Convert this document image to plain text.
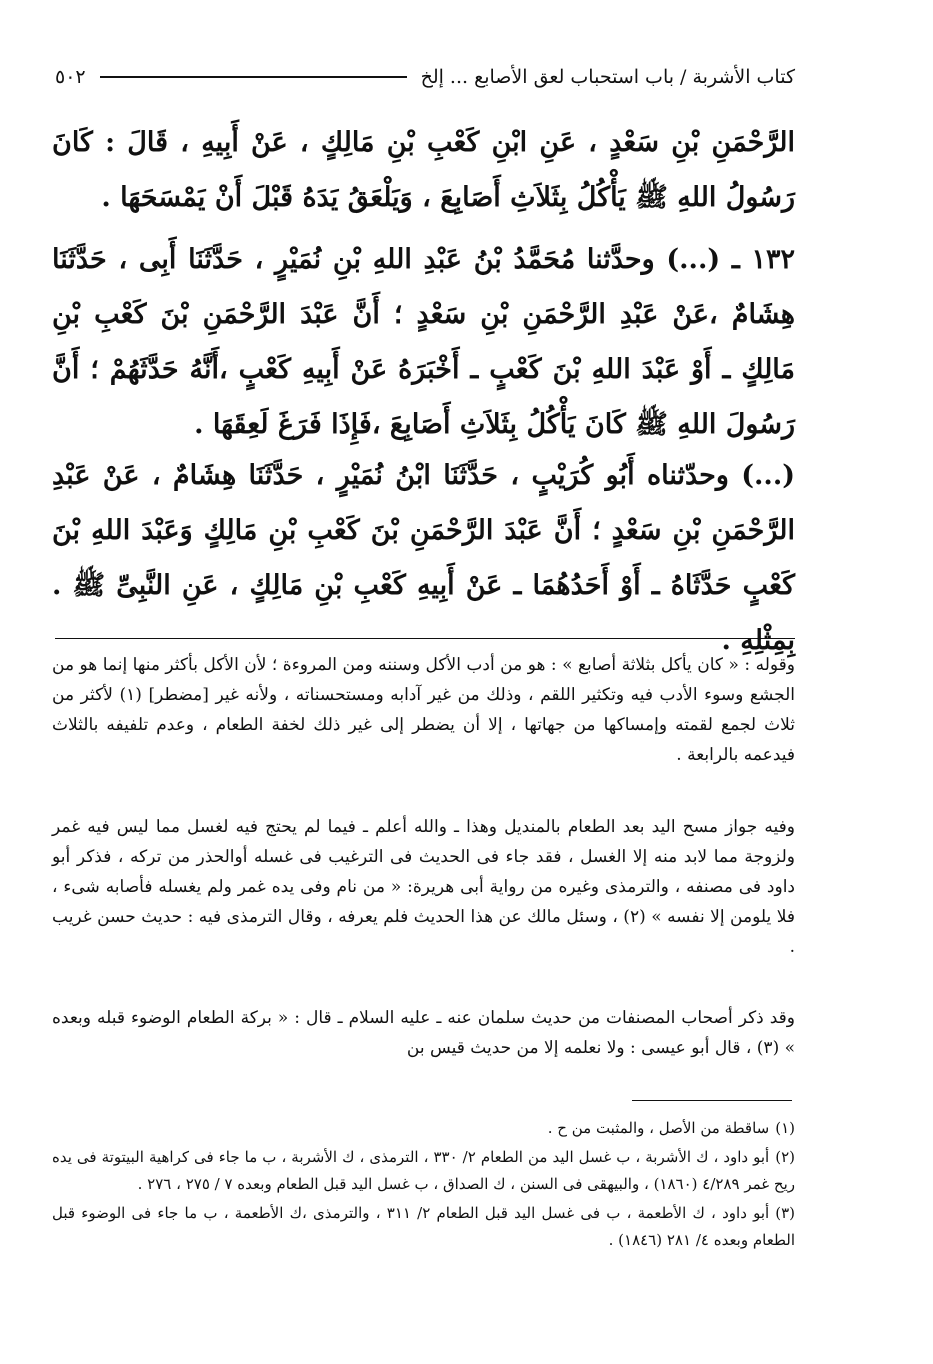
كتاب الأشربة / باب استحباب لعق الأصابع ... إلخ
٥٠٢
الرَّحْمَنِ بْنِ سَعْدٍ ، عَنِ ابْنِ كَعْبِ بْنِ مَالِكٍ ، عَنْ أَبِيهِ ، قَالَ : كَانَ رَسُولُ اللهِ ﷺ يَأْكُلُ بِثَلاَثِ أَصَابِعَ ، وَيَلْعَقُ يَدَهُ قَبْلَ أَنْ يَمْسَحَهَا .
١٣٢ ـ (...) وحدَّثنا مُحَمَّدُ بْنُ عَبْدِ اللهِ بْنِ نُمَيْرٍ ، حَدَّثَنَا أَبِى ، حَدَّثَنَا هِشَامٌ ،عَنْ عَبْدِ الرَّحْمَنِ بْنِ سَعْدٍ ؛ أَنَّ عَبْدَ الرَّحْمَنِ بْنَ كَعْبِ بْنِ مَالِكٍ ـ أَوْ عَبْدَ اللهِ بْنَ كَعْبٍ ـ أَخْبَرَهُ عَنْ أَبِيهِ كَعْبٍ ،أَنَّهُ حَدَّثَهُمْ ؛ أَنَّ رَسُولَ اللهِ ﷺ كَانَ يَأْكُلُ بِثَلاَثِ أَصَابِعَ ،فَإِذَا فَرَغَ لَعِقَهَا .
(...) وحدّثناه أَبُو كُرَيْبٍ ، حَدَّثَنَا ابْنُ نُمَيْرٍ ، حَدَّثَنَا هِشَامٌ ، عَنْ عَبْدِ الرَّحْمَنِ بْنِ سَعْدٍ ؛ أَنَّ عَبْدَ الرَّحْمَنِ بْنَ كَعْبِ بْنِ مَالِكٍ وَعَبْدَ اللهِ بْنَ كَعْبٍ حَدَّثَاهُ ـ أَوْ أَحَدُهُمَا ـ عَنْ أَبِيهِ كَعْبِ بْنِ مَالِكٍ ، عَنِ النَّبِىِّ ﷺ . بِمِثْلِهِ .
وقوله : « كان يأكل بثلاثة أصابع » : هو من أدب الأكل وسننه ومن المروءة ؛ لأن الأكل بأكثر منها إنما هو من الجشع وسوء الأدب فيه وتكثير اللقم ، وذلك من غير آدابه ومستحسناته ، ولأنه غير [مضطر] (١) لأكثر من ثلاث لجمع لقمته وإمساكها من جهاتها ، إلا أن يضطر إلى غير ذلك لخفة الطعام ، وعدم تلفيفه بالثلاث فيدعمه بالرابعة .
وفيه جواز مسح اليد بعد الطعام بالمنديل وهذا ـ والله أعلم ـ فيما لم يحتج فيه لغسل مما ليس فيه غمر ولزوجة مما لابد منه إلا الغسل ، فقد جاء فى الحديث فى الترغيب فى غسله أوالحذر من تركه ، فذكر أبو داود فى مصنفه ، والترمذى وغيره من رواية أبى هريرة: « من نام وفى يده غمر ولم يغسله فأصابه شىء ، فلا يلومن إلا نفسه » (٢) ، وسئل مالك عن هذا الحديث فلم يعرفه ، وقال الترمذى فيه : حديث حسن غريب .
وقد ذكر أصحاب المصنفات من حديث سلمان عنه ـ عليه السلام ـ قال : « بركة الطعام الوضوء قبله وبعده » (٣) ، قال أبو عيسى : ولا نعلمه إلا من حديث قيس بن
(١)ساقطة من الأصل ، والمثبت من ح .
(٢)أبو داود ، ك الأشربة ، ب غسل اليد من الطعام ٢/ ٣٣٠ ، الترمذى ، ك الأشربة ، ب ما جاء فى كراهية البيتوتة فى يده ريح غمر ٤/٢٨٩ (١٨٦٠) ، والبيهقى فى السنن ، ك الصداق ، ب غسل اليد قبل الطعام وبعده ٧ / ٢٧٥ ، ٢٧٦ .
(٣)أبو داود ، ك الأطعمة ، ب فى غسل اليد قبل الطعام ٢/ ٣١١ ، والترمذى ،ك الأطعمة ، ب ما جاء فى الوضوء قبل الطعام وبعده ٤/ ٢٨١ (١٨٤٦) .
